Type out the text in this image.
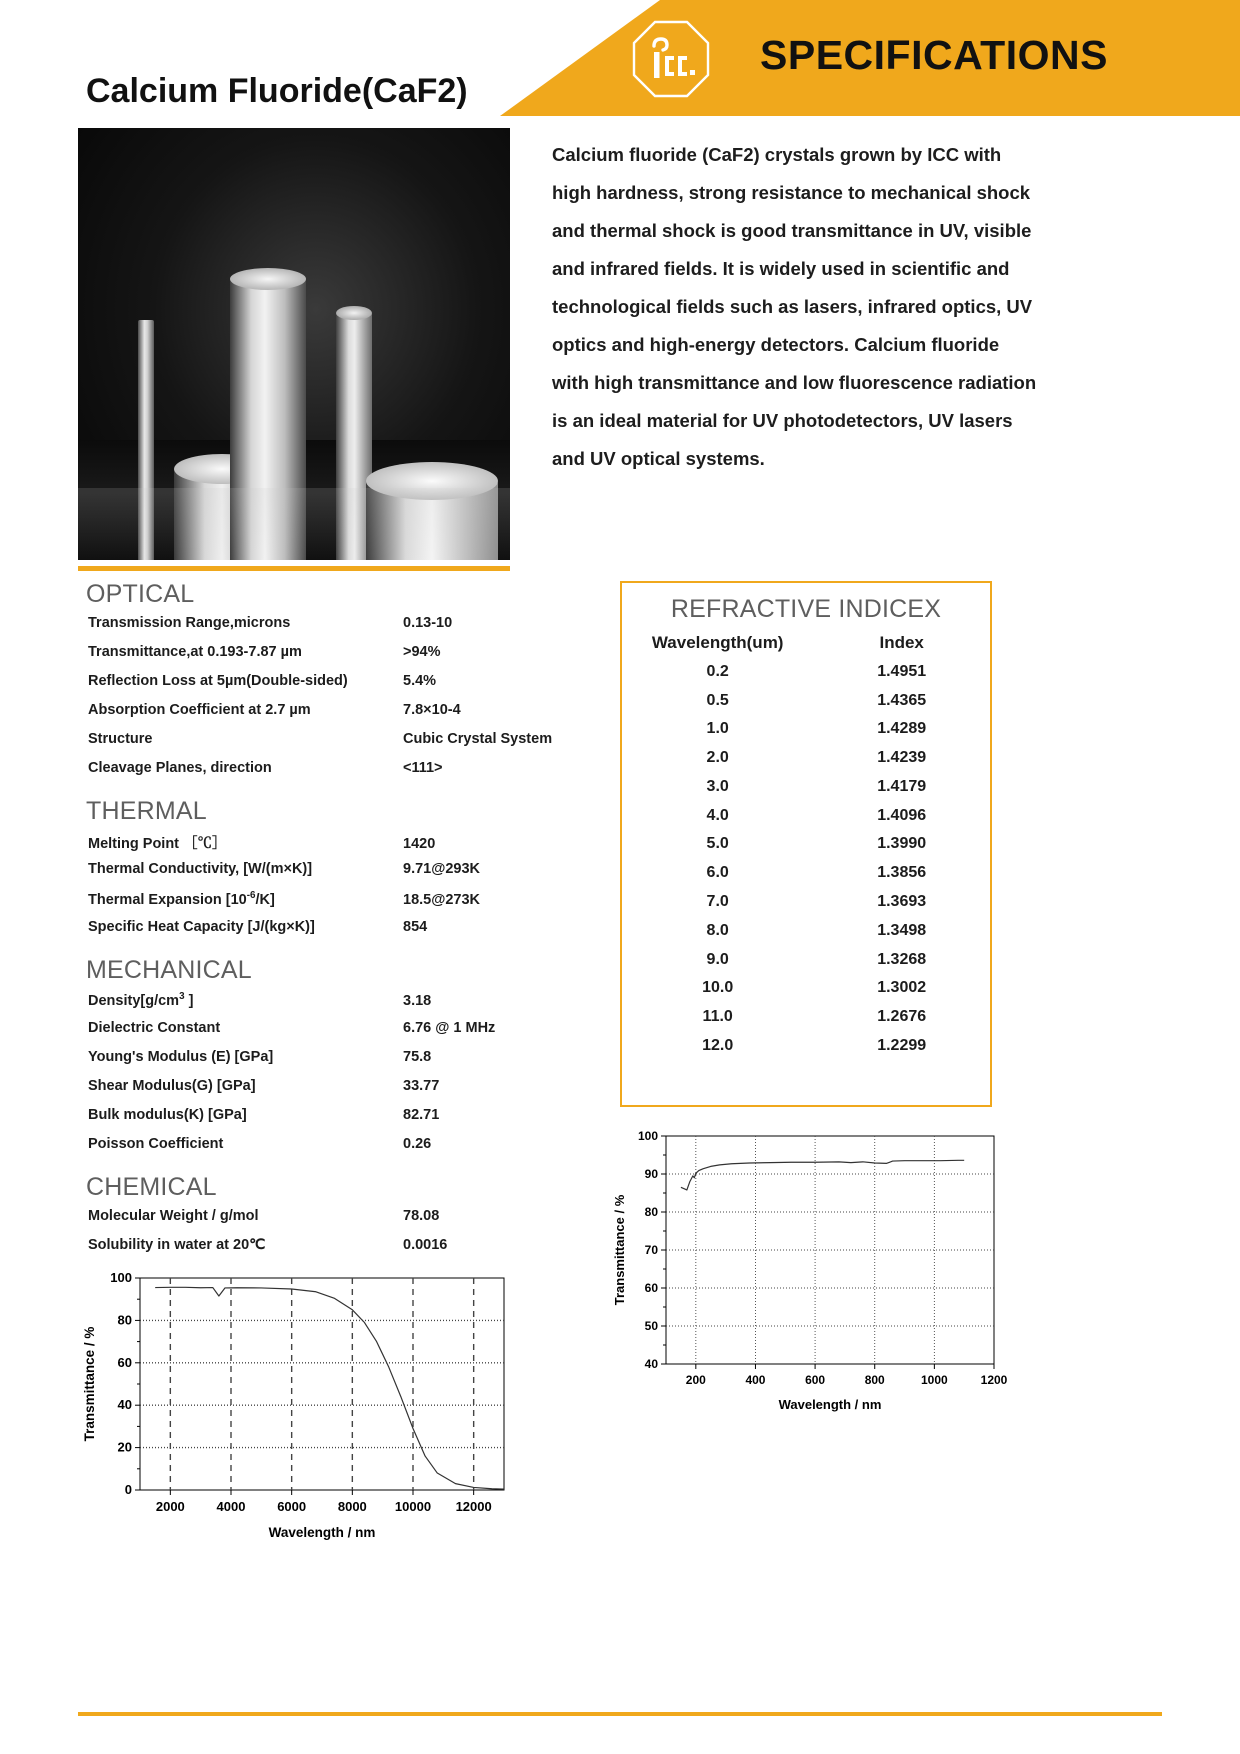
SPECIFICATIONS
Calcium Fluoride(CaF2)
Calcium fluoride (CaF2) crystals grown by ICC with high hardness, strong resistance to mechanical shock and thermal shock is good transmittance in UV, visible and infrared fields. It is widely used in scientific and technological fields such as lasers, infrared optics, UV optics and high-energy detectors. Calcium fluoride with high transmittance and low fluorescence radiation is an ideal material for UV photodetectors, UV lasers and UV optical systems.
OPTICAL
Transmission Range,microns	0.13-10
Transmittance,at 0.193-7.87 µm	>94%
Reflection Loss at 5µm(Double-sided)	5.4%
Absorption Coefficient at 2.7 µm	7.8×10-4
Structure	Cubic Crystal System
Cleavage Planes, direction	<111>
THERMAL
Melting Point ［℃］	1420
Thermal Conductivity, [W/(m×K)]	9.71@293K
Thermal Expansion $[10^{-6}/K]$	18.5@273K
Specific Heat Capacity [J/(kg×K)]	854
MECHANICAL
$Density[g/cm^3$ ]	3.18
Dielectric Constant	6.76 @ 1 MHz
Young's Modulus (E) [GPa]	75.8
Shear Modulus(G) [GPa]	33.77
Bulk modulus(K) [GPa]	82.71
Poisson Coefficient	0.26
CHEMICAL
Molecular Weight / g/mol	78.08
Solubility in water at 20℃	0.0016
REFRACTIVE INDICEX
Wavelength(um)	Index
0.2	1.4951
0.5	1.4365
1.0	1.4289
2.0	1.4239
3.0	1.4179
4.0	1.4096
5.0	1.3990
6.0	1.3856
7.0	1.3693
8.0	1.3498
9.0	1.3268
10.0	1.3002
11.0	1.2676
12.0	1.2299
40
50
60
70
80
90
100
200	400	600	800	1000	1200
Wavelength / nm
Transmittance / %
0
20
40
60
80
100
2000 4000 6000 8000 10000 12000
Wavelength / nm
Transmittance / %
